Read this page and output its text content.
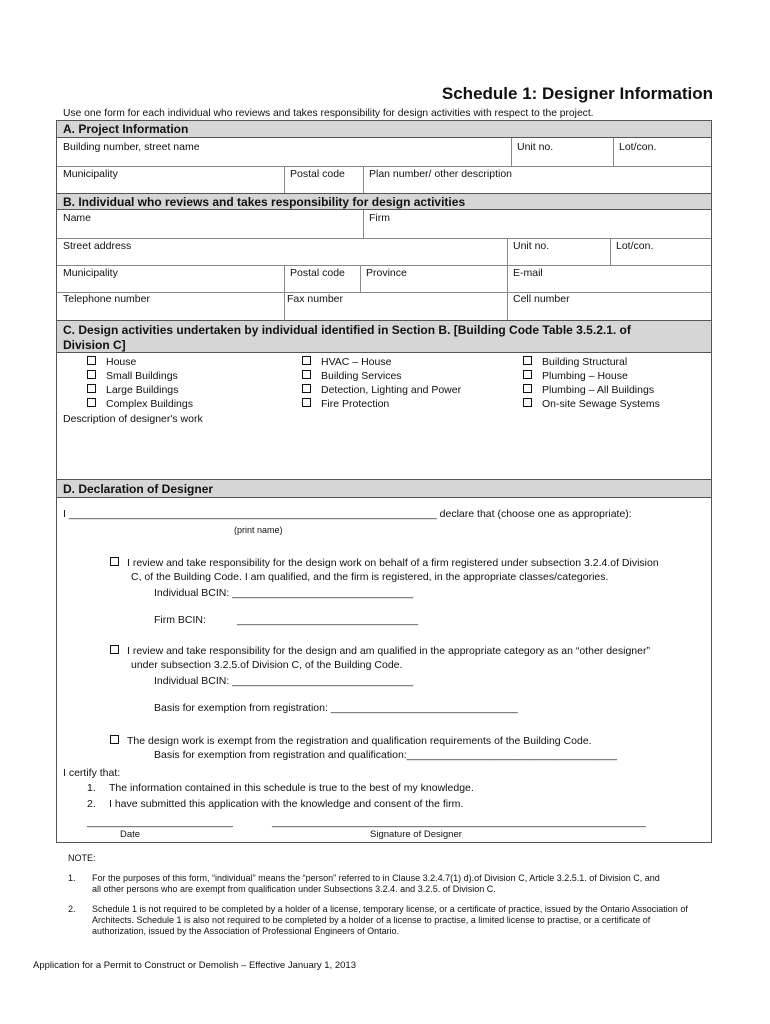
Schedule 1: Designer Information
Use one form for each individual who reviews and takes responsibility for design activities with respect to the project.
A. Project Information
Building number, street name	Unit no.	Lot/con.
Municipality	Postal code Plan number/ other description
B. Individual who reviews and takes responsibility for design activities
Name	Firm
Street address	Unit no.	Lot/con.
Municipality	Postal code Province	E-mail
Telephone number	Fax number	Cell number
C. Design activities undertaken by individual identified in Section B. [Building Code Table 3.5.2.1. of
Division C]
House
Small Buildings
Large Buildings
Complex Buildings
HVAC – House
Building Services
Detection, Lighting and Power
Fire Protection
Building Structural
Plumbing – House
Plumbing – All Buildings
On-site Sewage Systems
Description of designer's work
D. Declaration of Designer
I _______________________________________________________________ declare that (choose one as appropriate):
(print name)
I review and take responsibility for the design work on behalf of a firm registered under subsection 3.2.4.of Division
C, of the Building Code. I am qualified, and the firm is registered, in the appropriate classes/categories.
Individual BCIN: _______________________________
Firm BCIN:	_______________________________
I review and take responsibility for the design and am qualified in the appropriate category as an “other designer”
under subsection 3.2.5.of Division C, of the Building Code.
Individual BCIN: _______________________________
Basis for exemption from registration: ________________________________
The design work is exempt from the registration and qualification requirements of the Building Code.
Basis for exemption from registration and qualification:____________________________________
I certify that:
1. The information contained in this schedule is true to the best of my knowledge.
2. I have submitted this application with the knowledge and consent of the firm.
_________________________	________________________________________________________________
Date	Signature of Designer
NOTE:
1. For the purposes of this form, “individual” means the “person” referred to in Clause 3.2.4.7(1) d).of Division C, Article 3.2.5.1. of Division C, and
all other persons who are exempt from qualification under Subsections 3.2.4. and 3.2.5. of Division C.
2. Schedule 1 is not required to be completed by a holder of a license, temporary license, or a certificate of practice, issued by the Ontario Association of
Architects. Schedule 1 is also not required to be completed by a holder of a license to practise, a limited license to practise, or a certificate of
authorization, issued by the Association of Professional Engineers of Ontario.
Application for a Permit to Construct or Demolish – Effective January 1, 2013
